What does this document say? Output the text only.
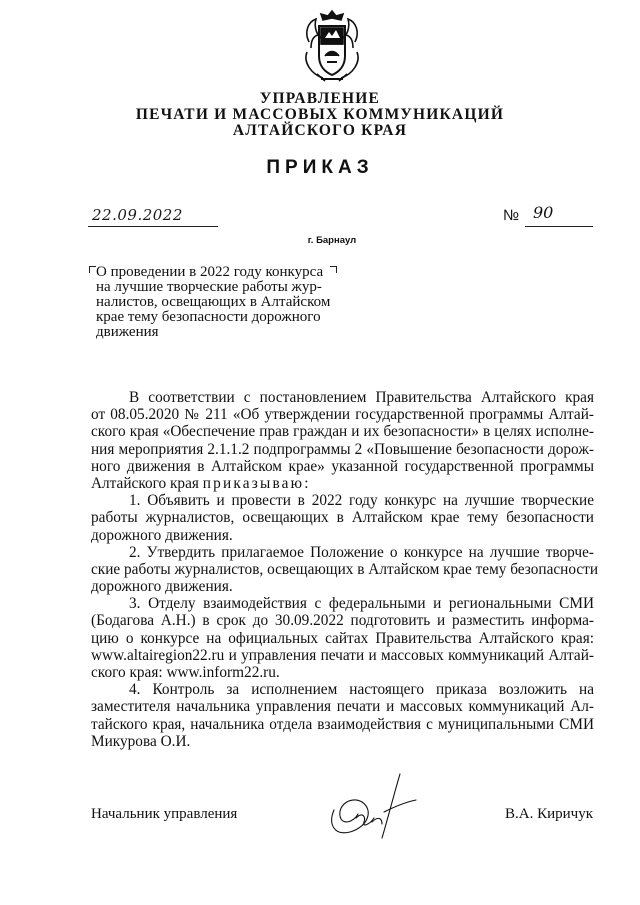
УПРАВЛЕНИЕ
ПЕЧАТИ И МАССОВЫХ КОММУНИКАЦИЙ
АЛТАЙСКОГО КРАЯ
ПРИКАЗ
22.09.2022	№ 90
г. Барнаул
О проведении в 2022 году конкурса
на лучшие творческие работы жур-
налистов, освещающих в Алтайском
крае тему безопасности дорожного
движения
В соответствии с постановлением Правительства Алтайского края
от 08.05.2020 № 211 «Об утверждении государственной программы Алтай-
ского края «Обеспечение прав граждан и их безопасности» в целях исполне-
ния мероприятия 2.1.1.2 подпрограммы 2 «Повышение безопасности дорож-
ного движения в Алтайском крае» указанной государственной программы
Алтайского края приказываю:
1. Объявить и провести в 2022 году конкурс на лучшие творческие
работы журналистов, освещающих в Алтайском крае тему безопасности
дорожного движения.
2. Утвердить прилагаемое Положение о конкурсе на лучшие творче-
ские работы журналистов, освещающих в Алтайском крае тему безопасности
дорожного движения.
3. Отделу взаимодействия с федеральными и региональными СМИ
(Бодагова А.Н.) в срок до 30.09.2022 подготовить и разместить информа-
цию о конкурсе на официальных сайтах Правительства Алтайского края:
www.altairegion22.ru и управления печати и массовых коммуникаций Алтай-
ского края: www.inform22.ru.
4. Контроль за исполнением настоящего приказа возложить на
заместителя начальника управления печати и массовых коммуникаций Ал-
тайского края, начальника отдела взаимодействия с муниципальными СМИ
Микурова О.И.
Начальник управления	В.А. Киричук
